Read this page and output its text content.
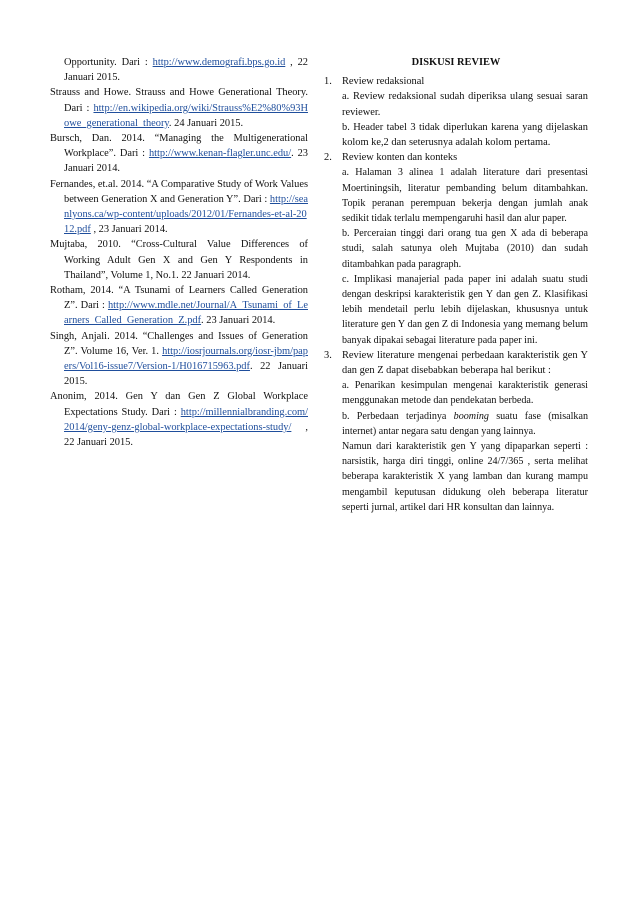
Opportunity. Dari : http://www.demografi.bps.go.id , 22 Januari 2015.

Strauss and Howe. Strauss and Howe Generational Theory. Dari : http://en.wikipedia.org/wiki/Strauss%E2%80%93Howe_generational_theory. 24 Januari 2015.

Bursch, Dan. 2014. “Managing the Multigenerational Workplace”. Dari : http://www.kenan-flagler.unc.edu/. 23 Januari 2014.

Fernandes, et.al. 2014. “A Comparative Study of Work Values between Generation X and Generation Y”. Dari : http://seanlyons.ca/wp-content/uploads/2012/01/Fernandes-et-al-2012.pdf , 23 Januari 2014.

Mujtaba, 2010. “Cross-Cultural Value Differences of Working Adult Gen X and Gen Y Respondents in Thailand”, Volume 1, No.1. 22 Januari 2014.

Rotham, 2014. “A Tsunami of Learners Called Generation Z”. Dari : http://www.mdle.net/Journal/A_Tsunami_of_Learners_Called_Generation_Z.pdf. 23 Januari 2014.

Singh, Anjali. 2014. “Challenges and Issues of Generation Z”. Volume 16, Ver. 1. http://iosrjournals.org/iosr-jbm/papers/Vol16-issue7/Version-1/H016715963.pdf. 22 Januari 2015.

Anonim, 2014. Gen Y dan Gen Z Global Workplace Expectations Study. Dari : http://millennialbranding.com/2014/geny-genz-global-workplace-expectations-study/ , 22 Januari 2015.

DISKUSI REVIEW

1. Review redaksional

a. Review redaksional sudah diperiksa ulang sesuai saran reviewer.

b. Header tabel 3 tidak diperlukan karena yang dijelaskan kolom ke,2 dan seterusnya adalah kolom pertama.

2. Review konten dan konteks

a. Halaman 3 alinea 1 adalah literature dari presentasi Moertiningsih, literatur pembanding belum ditambahkan. Topik peranan perempuan bekerja dengan jumlah anak sedikit tidak terlalu mempengaruhi hasil dan alur paper.

b. Perceraian tinggi dari orang tua gen X ada di beberapa studi, salah satunya oleh Mujtaba (2010) dan sudah ditambahkan pada paragraph.

c. Implikasi manajerial pada paper ini adalah suatu studi dengan deskripsi karakteristik gen Y dan gen Z. Klasifikasi lebih mendetail perlu lebih dijelaskan, khususnya untuk literature gen Y dan gen Z di Indonesia yang memang belum banyak dipakai sebagai literature pada paper ini.

3. Review literature mengenai perbedaan karakteristik gen Y dan gen Z dapat disebabkan beberapa hal berikut :

a. Penarikan kesimpulan mengenai karakteristik generasi menggunakan metode dan pendekatan berbeda.

b. Perbedaan terjadinya booming suatu fase (misalkan internet) antar negara satu dengan yang lainnya.

Namun dari karakteristik gen Y yang dipaparkan seperti : narsistik, harga diri tinggi, online 24/7/365 , serta melihat beberapa karakteristik X yang lamban dan kurang mampu mengambil keputusan didukung oleh beberapa literatur seperti jurnal, artikel dari HR konsultan dan lainnya.
